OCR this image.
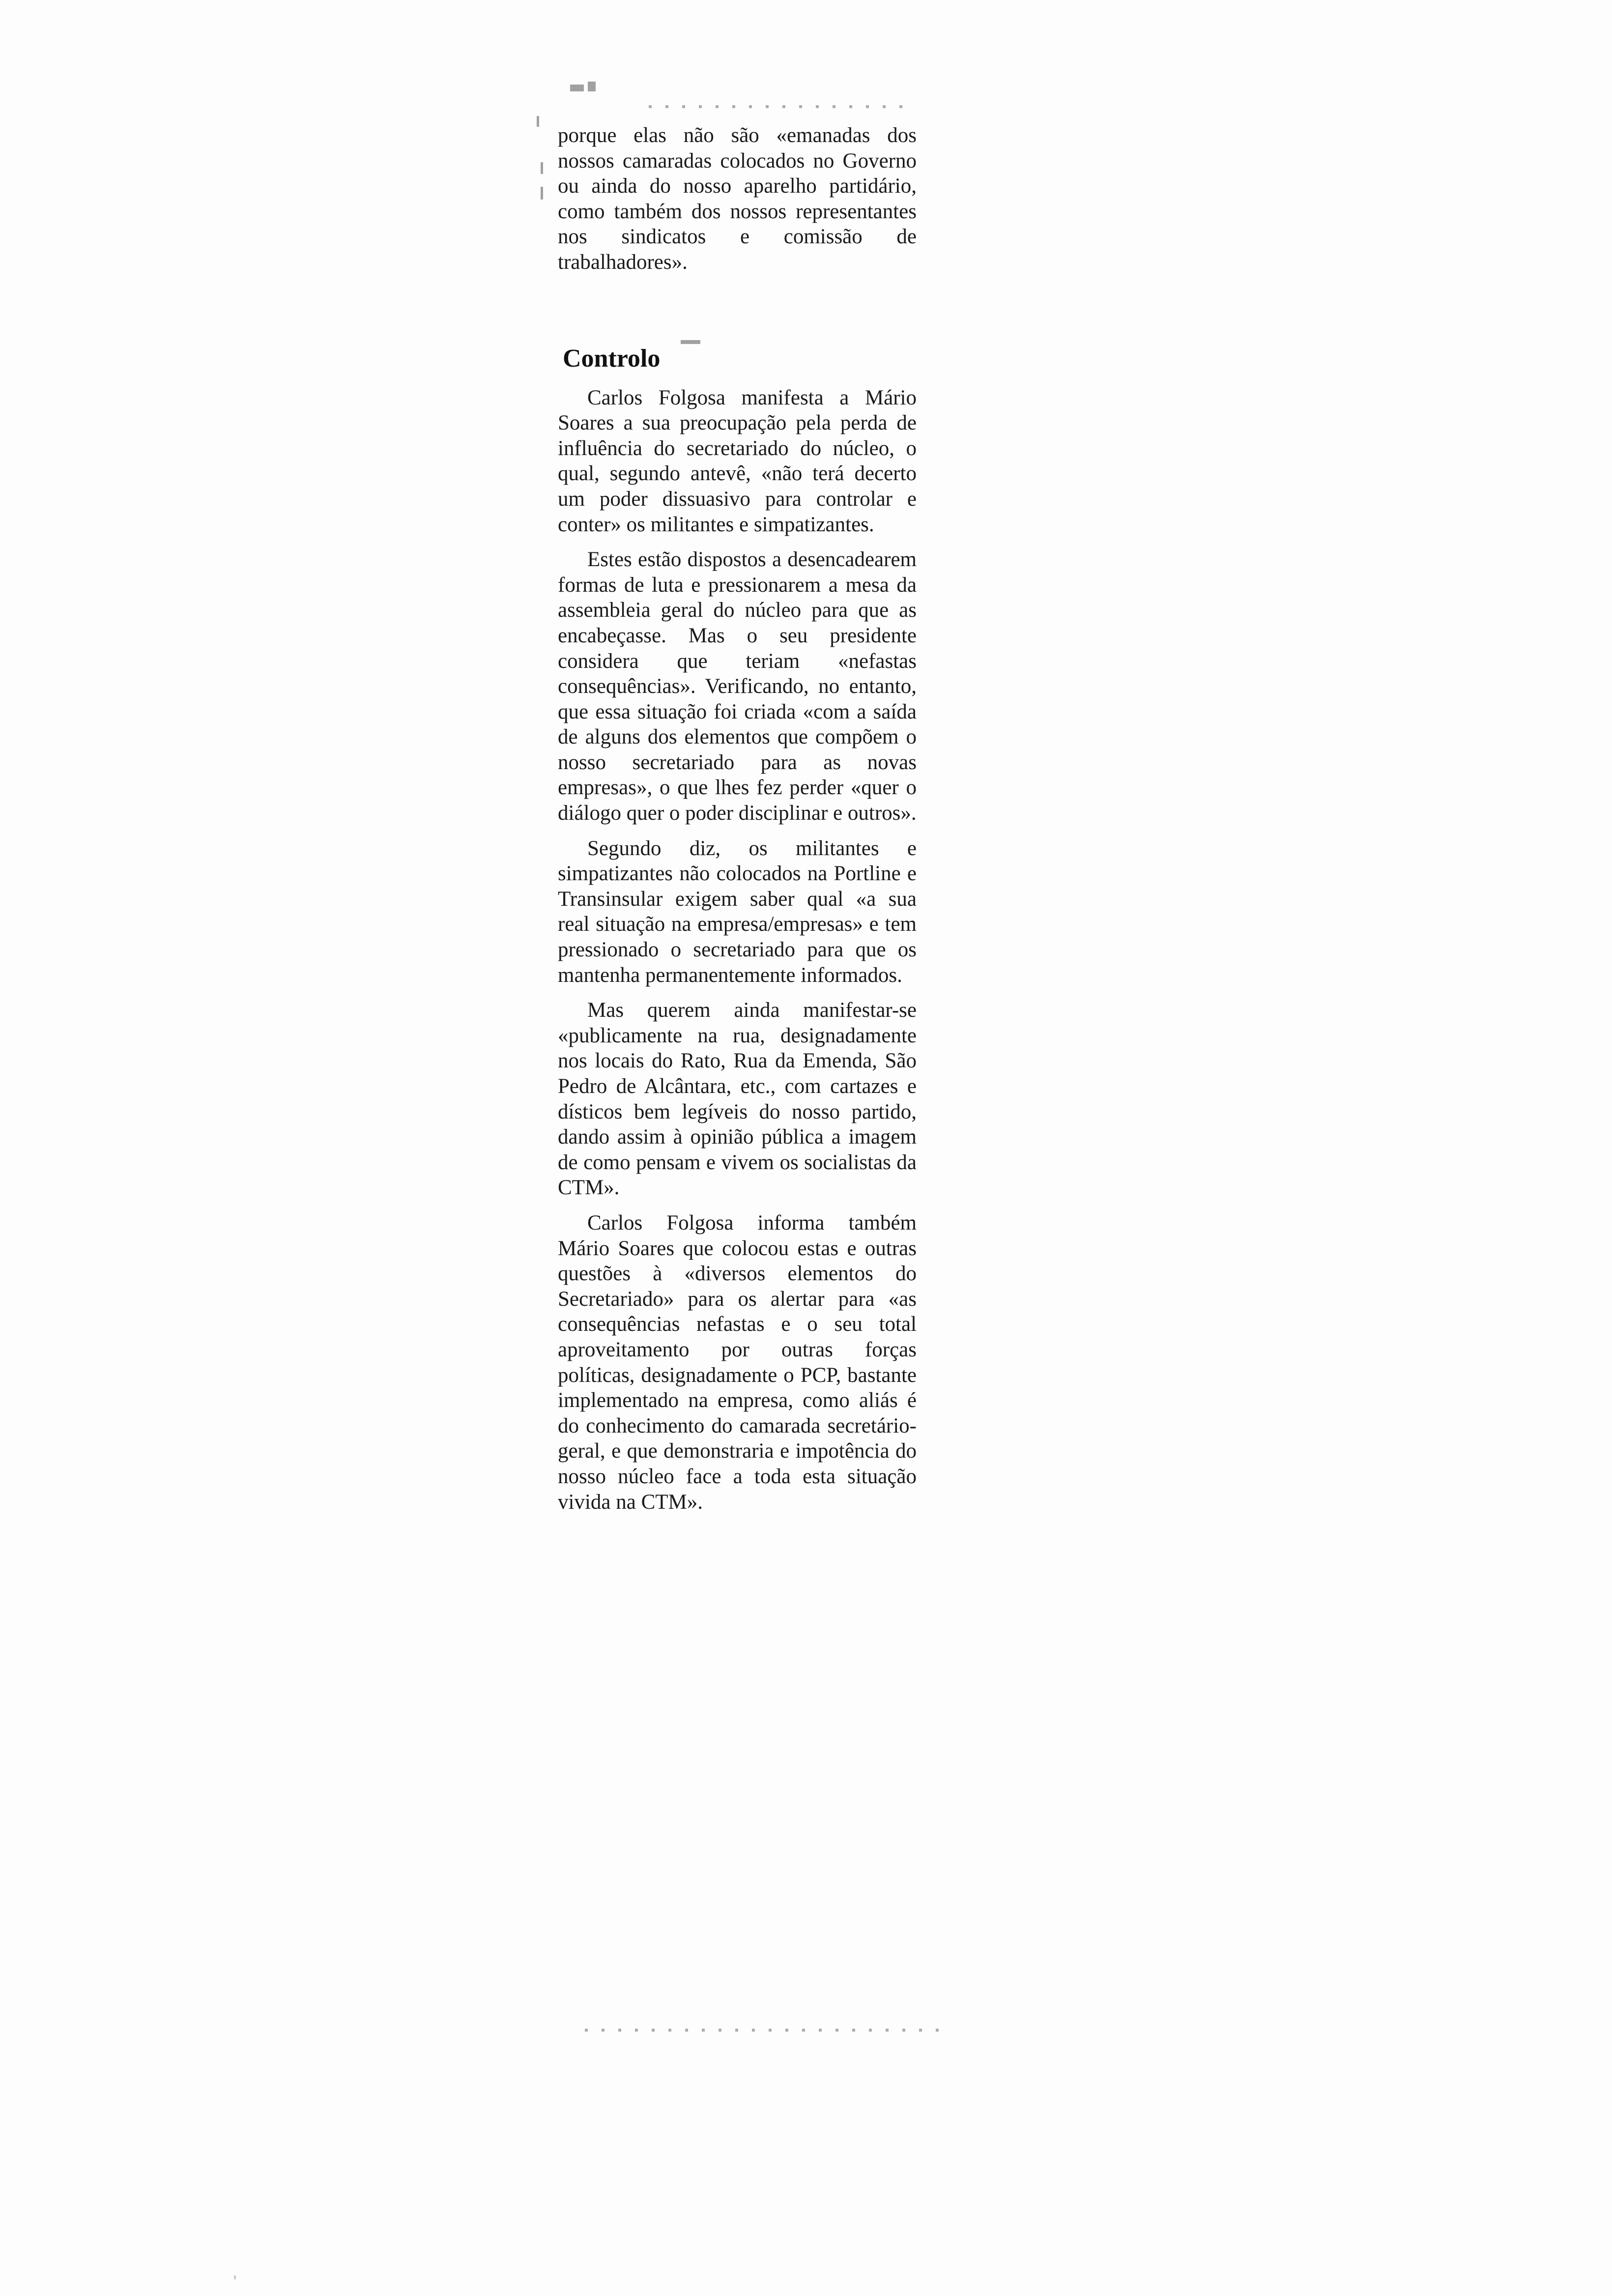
porque elas não são «emanadas dos nossos camaradas colocados no Governo ou ainda do nosso aparelho partidário, como também dos nossos representantes nos sindicatos e comissão de trabalhadores».

Controlo

Carlos Folgosa manifesta a Mário Soares a sua preocupação pela perda de influência do secretariado do núcleo, o qual, segundo antevê, «não terá decerto um poder dissuasivo para controlar e conter» os militantes e simpatizantes.

Estes estão dispostos a desencadearem formas de luta e pressionarem a mesa da assembleia geral do núcleo para que as encabeçasse. Mas o seu presidente considera que teriam «nefastas consequências». Verificando, no entanto, que essa situação foi criada «com a saída de alguns dos elementos que compõem o nosso secretariado para as novas empresas», o que lhes fez perder «quer o diálogo quer o poder disciplinar e outros».

Segundo diz, os militantes e simpatizantes não colocados na Portline e Transinsular exigem saber qual «a sua real situação na empresa/empresas» e tem pressionado o secretariado para que os mantenha permanentemente informados.

Mas querem ainda manifestar-se «publicamente na rua, designadamente nos locais do Rato, Rua da Emenda, São Pedro de Alcântara, etc., com cartazes e dísticos bem legíveis do nosso partido, dando assim à opinião pública a imagem de como pensam e vivem os socialistas da CTM».

Carlos Folgosa informa também Mário Soares que colocou estas e outras questões à «diversos elementos do Secretariado» para os alertar para «as consequências nefastas e o seu total aproveitamento por outras forças políticas, designadamente o PCP, bastante implementado na empresa, como aliás é do conhecimento do camarada secretário-geral, e que demonstraria e impotência do nosso núcleo face a toda esta situação vivida na CTM».
